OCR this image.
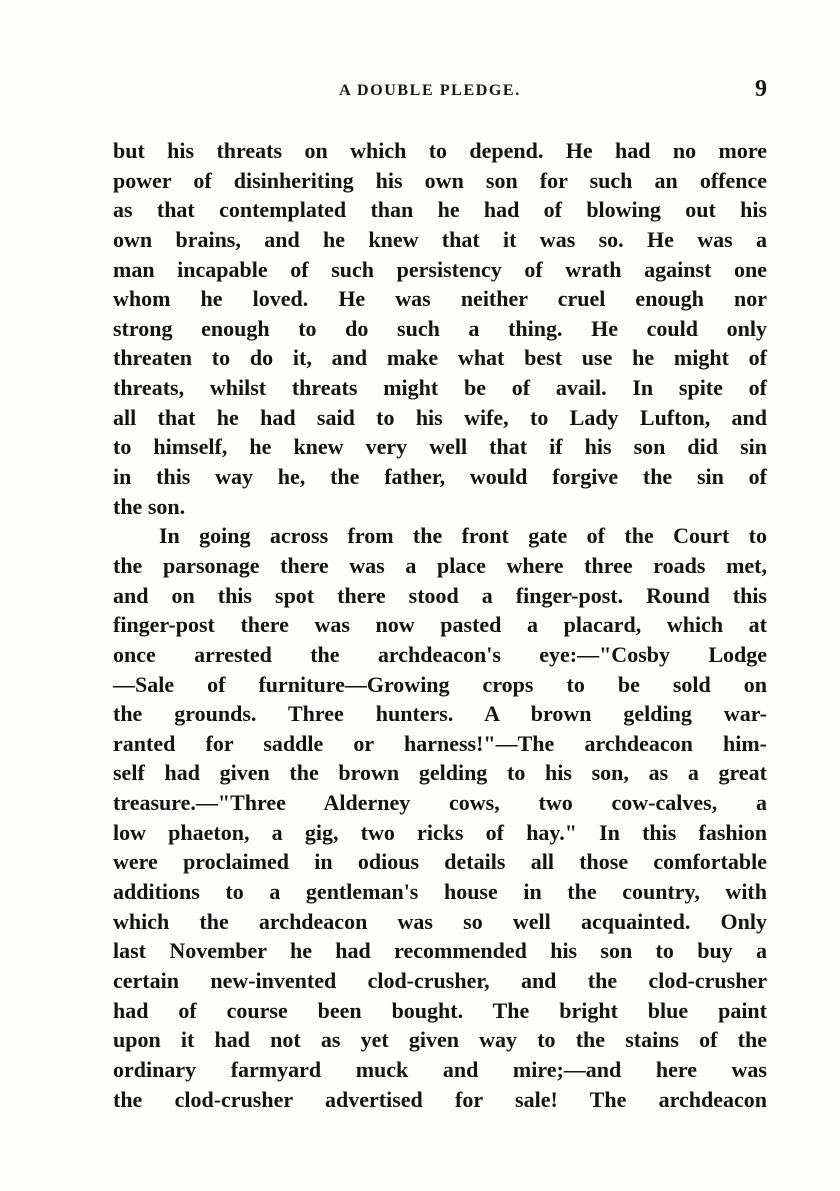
A DOUBLE PLEDGE.	9
but his threats on which to depend. He had no more
power of disinheriting his own son for such an offence
as that contemplated than he had of blowing out his
own brains, and he knew that it was so. He was a
man incapable of such persistency of wrath against one
whom he loved. He was neither cruel enough nor
strong enough to do such a thing. He could only
threaten to do it, and make what best use he might of
threats, whilst threats might be of avail. In spite of
all that he had said to his wife, to Lady Lufton, and
to himself, he knew very well that if his son did sin
in this way he, the father, would forgive the sin of
the son.
In going across from the front gate of the Court to
the parsonage there was a place where three roads met,
and on this spot there stood a finger-post. Round this
finger-post there was now pasted a placard, which at
once arrested the archdeacon's eye:—"Cosby Lodge
—Sale of furniture—Growing crops to be sold on
the grounds. Three hunters. A brown gelding war-
ranted for saddle or harness!"—The archdeacon him-
self had given the brown gelding to his son, as a great
treasure.—"Three Alderney cows, two cow-calves, a
low phaeton, a gig, two ricks of hay." In this fashion
were proclaimed in odious details all those comfortable
additions to a gentleman's house in the country, with
which the archdeacon was so well acquainted. Only
last November he had recommended his son to buy a
certain new-invented clod-crusher, and the clod-crusher
had of course been bought. The bright blue paint
upon it had not as yet given way to the stains of the
ordinary farmyard muck and mire;—and here was
the clod-crusher advertised for sale! The archdeacon
